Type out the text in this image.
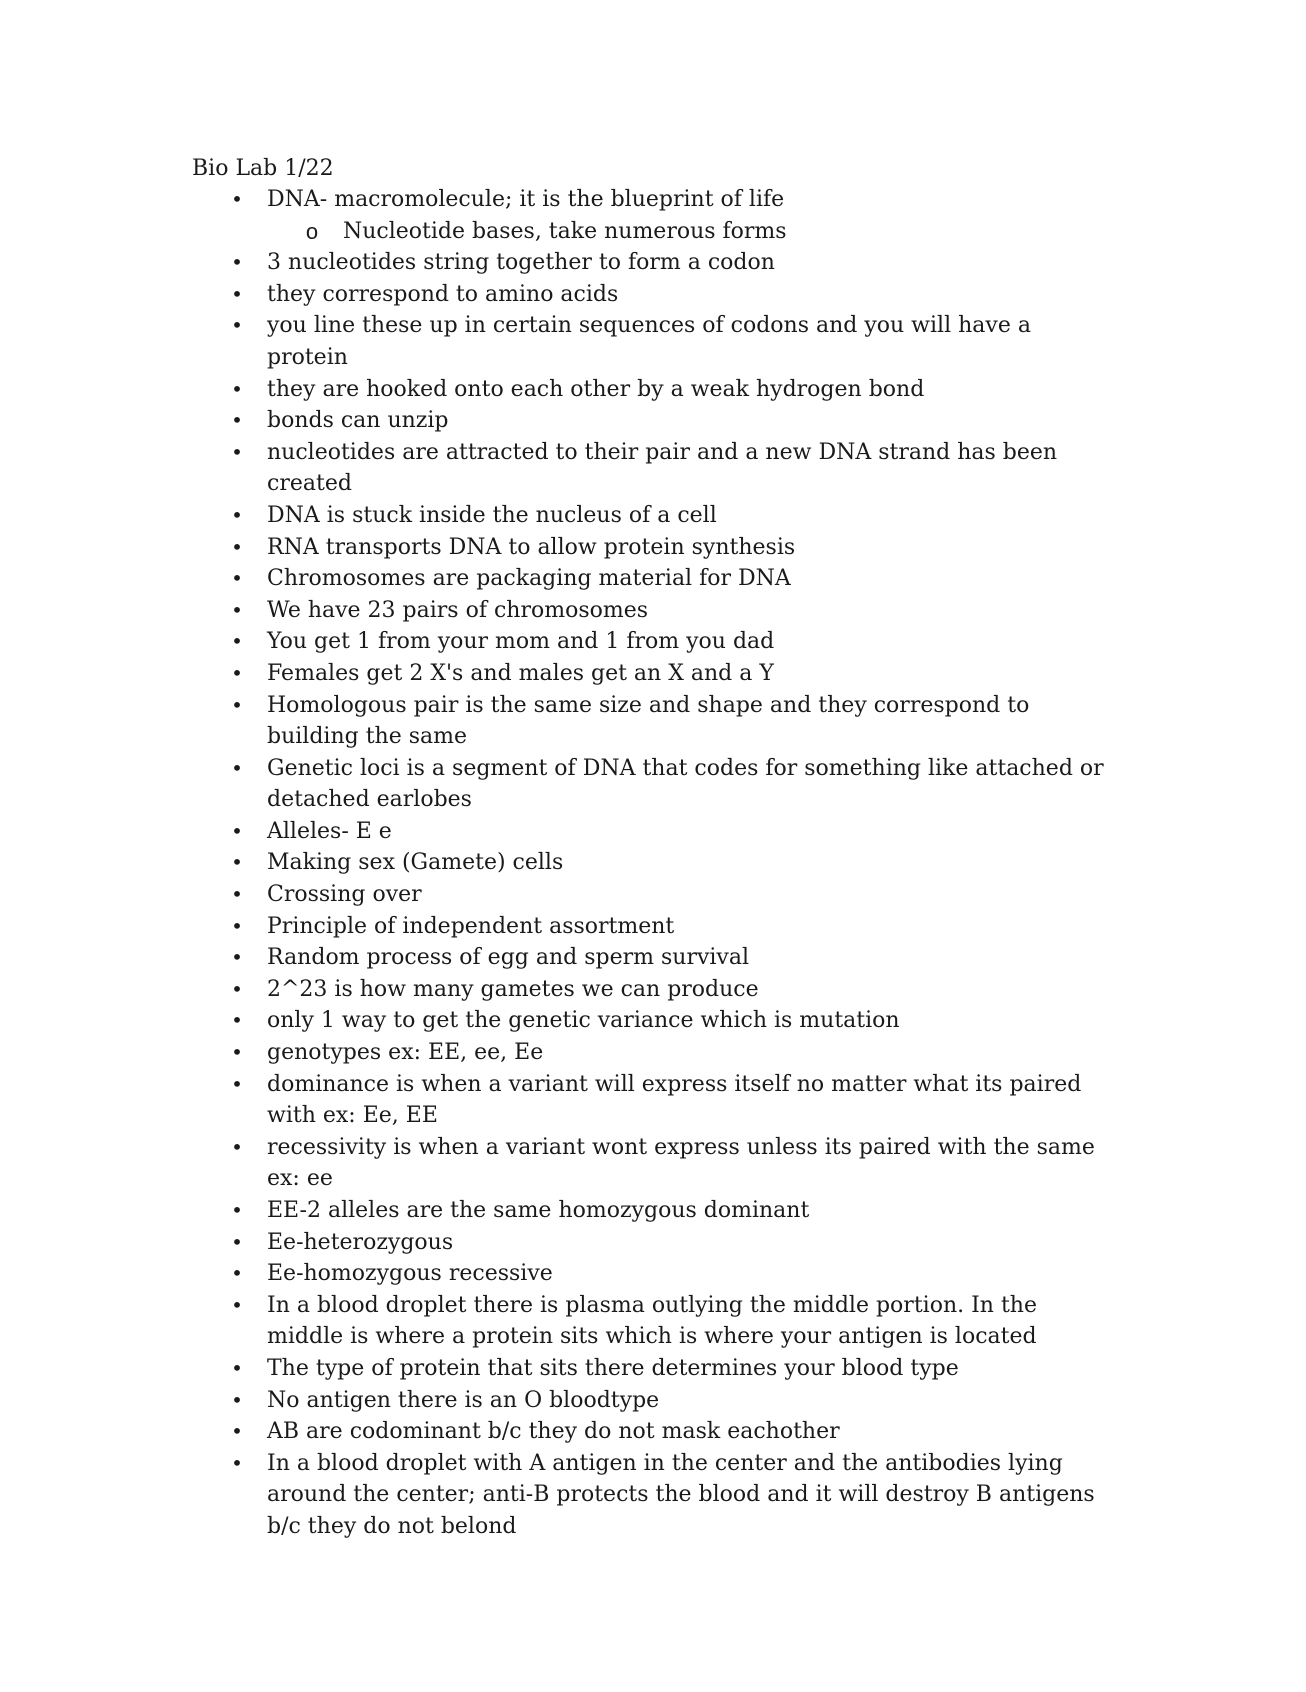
Bio Lab 1/22
• DNA- macromolecule; it is the blueprint of life
o Nucleotide bases, take numerous forms
• 3 nucleotides string together to form a codon
• they correspond to amino acids
• you line these up in certain sequences of codons and you will have a protein
• they are hooked onto each other by a weak hydrogen bond
• bonds can unzip
• nucleotides are attracted to their pair and a new DNA strand has been created
• DNA is stuck inside the nucleus of a cell
• RNA transports DNA to allow protein synthesis
• Chromosomes are packaging material for DNA
• We have 23 pairs of chromosomes
• You get 1 from your mom and 1 from you dad
• Females get 2 X's and males get an X and a Y
• Homologous pair is the same size and shape and they correspond to building the same
• Genetic loci is a segment of DNA that codes for something like attached or detached earlobes
• Alleles- E e
• Making sex (Gamete) cells
• Crossing over
• Principle of independent assortment
• Random process of egg and sperm survival
• 2^23 is how many gametes we can produce
• only 1 way to get the genetic variance which is mutation
• genotypes ex: EE, ee, Ee
• dominance is when a variant will express itself no matter what its paired with ex: Ee, EE
• recessivity is when a variant wont express unless its paired with the same ex: ee
• EE-2 alleles are the same homozygous dominant
• Ee-heterozygous
• Ee-homozygous recessive
• In a blood droplet there is plasma outlying the middle portion. In the middle is where a protein sits which is where your antigen is located
• The type of protein that sits there determines your blood type
• No antigen there is an O bloodtype
• AB are codominant b/c they do not mask eachother
• In a blood droplet with A antigen in the center and the antibodies lying around the center; anti-B protects the blood and it will destroy B antigens b/c they do not belond
